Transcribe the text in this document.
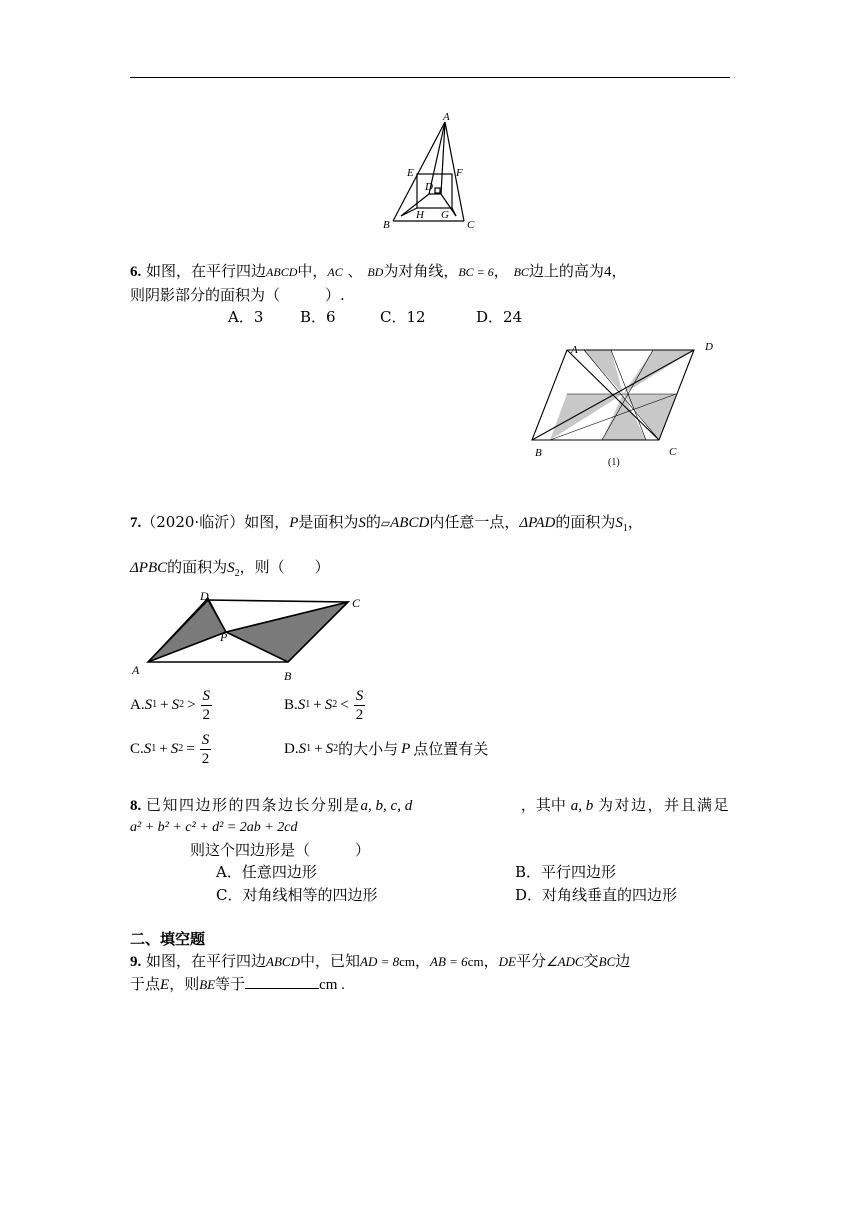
A
E	F
D
B
H G
C
6. 如图，在平行四边ABCD中，AC 、 BD为对角线，BC = 6， BC边上的高为4，
则阴影部分的面积为（　　　）.
A．3 B．6	C．12	D．24
A	D
B	C
(1)
7.（2020·临沂）如图，P是面积为S的▱ABCD内任意一点，ΔPAD的面积为$S_1$，
ΔPBC的面积为$S_2$，则（　　）
D	C
P
A	B
A. S 1 + S $2 > \frac{S}{2}$	B. S 1 + S $2 < \frac{S}{2}$
C. S 1 + S $2 = \frac{S}{2}$	D. S 1 + S 2 的大小与 P 点位置有关
8. 已知四边形的四条边长分别是a, b, c, d	，其中 a, b 为对边，并且满足
a² + b² + c² + d² = 2ab + 2cd
则这个四边形是（　　　）
A．任意四边形	B．平行四边形
C．对角线相等的四边形	D．对角线垂直的四边形
二、填空题
9. 如图，在平行四边ABCD中，已知AD = 8cm，AB = 6cm，DE平分∠ADC交BC边
于点E，则BE等于	cm .
